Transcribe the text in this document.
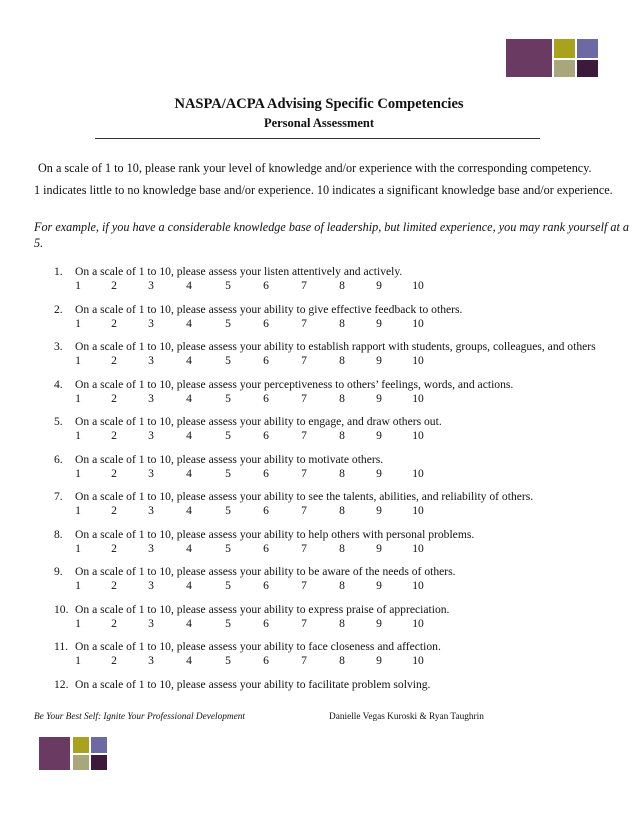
NASPA/ACPA Advising Specific Competencies
Personal Assessment
On a scale of 1 to 10, please rank your level of knowledge and/or experience with the corresponding competency.
1 indicates little to no knowledge base and/or experience. 10 indicates a significant knowledge base and/or experience.
For example, if you have a considerable knowledge base of leadership, but limited experience, you may rank yourself at a 5.
1. On a scale of 1 to 10, please assess your listen attentively and actively.
1	2	3	4	5	6	7	8	9	10
2. On a scale of 1 to 10, please assess your ability to give effective feedback to others.
1	2	3	4	5	6	7	8	9	10
3. On a scale of 1 to 10, please assess your ability to establish rapport with students, groups, colleagues, and others
1	2	3	4	5	6	7	8	9	10
4. On a scale of 1 to 10, please assess your perceptiveness to others’ feelings, words, and actions.
1	2	3	4	5	6	7	8	9	10
5. On a scale of 1 to 10, please assess your ability to engage, and draw others out.
1	2	3	4	5	6	7	8	9	10
6. On a scale of 1 to 10, please assess your ability to motivate others.
1	2	3	4	5	6	7	8	9	10
7. On a scale of 1 to 10, please assess your ability to see the talents, abilities, and reliability of others.
1	2	3	4	5	6	7	8	9	10
8. On a scale of 1 to 10, please assess your ability to help others with personal problems.
1	2	3	4	5	6	7	8	9	10
9. On a scale of 1 to 10, please assess your ability to be aware of the needs of others.
1	2	3	4	5	6	7	8	9	10
10. On a scale of 1 to 10, please assess your ability to express praise of appreciation.
1	2	3	4	5	6	7	8	9	10
11. On a scale of 1 to 10, please assess your ability to face closeness and affection.
1	2	3	4	5	6	7	8	9	10
12. On a scale of 1 to 10, please assess your ability to facilitate problem solving.
Be Your Best Self: Ignite Your Professional Development	Danielle Vegas Kuroski & Ryan Taughrin
